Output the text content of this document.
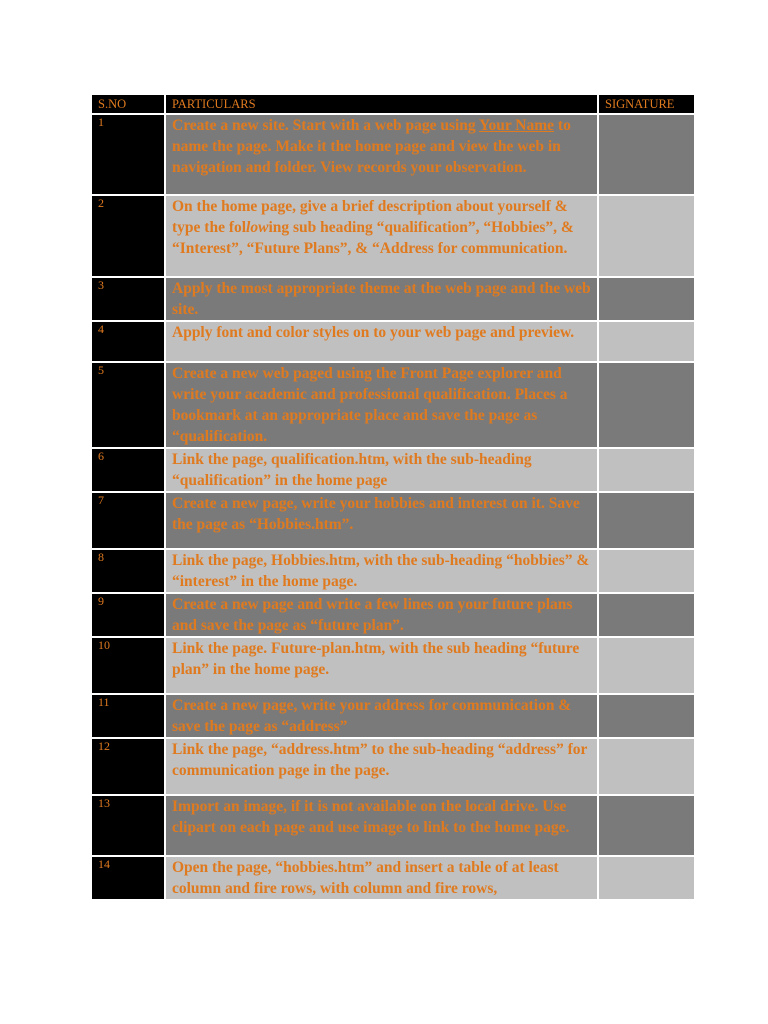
S.NO	PARTICULARS	SIGNATURE

1	Create a new site. Start with a web page using Your Name to name the page. Make it the home page and view the web in navigation and folder. View records your observation.	

2	On the home page, give a brief description about yourself & type the following sub heading “qualification”, “Hobbies”, & “Interest”, “Future Plans”, & “Address for communication.	

3	Apply the most appropriate theme at the web page and the web site.	

4	Apply font and color styles on to your web page and preview.	

5	Create a new web paged using the Front Page explorer and write your academic and professional qualification. Places a bookmark at an appropriate place and save the page as “qualification.	

6	Link the page, qualification.htm, with the sub-heading “qualification” in the home page	

7	Create a new page, write your hobbies and interest on it. Save the page as “Hobbies.htm”.	

8	Link the page, Hobbies.htm, with the sub-heading “hobbies” & “interest” in the home page.	

9	Create a new page and write a few lines on your future plans and save the page as “future plan”.	

10	Link the page. Future-plan.htm, with the sub heading “future plan” in the home page.	

11	Create a new page, write your address for communication & save the page as “address”	

12	Link the page, “address.htm” to the sub-heading “address” for communication page in the page.	

13	Import an image, if it is not available on the local drive. Use clipart on each page and use image to link to the home page.	

14	Open the page, “hobbies.htm” and insert a table of at least column and fire rows, with column and fire rows,	
